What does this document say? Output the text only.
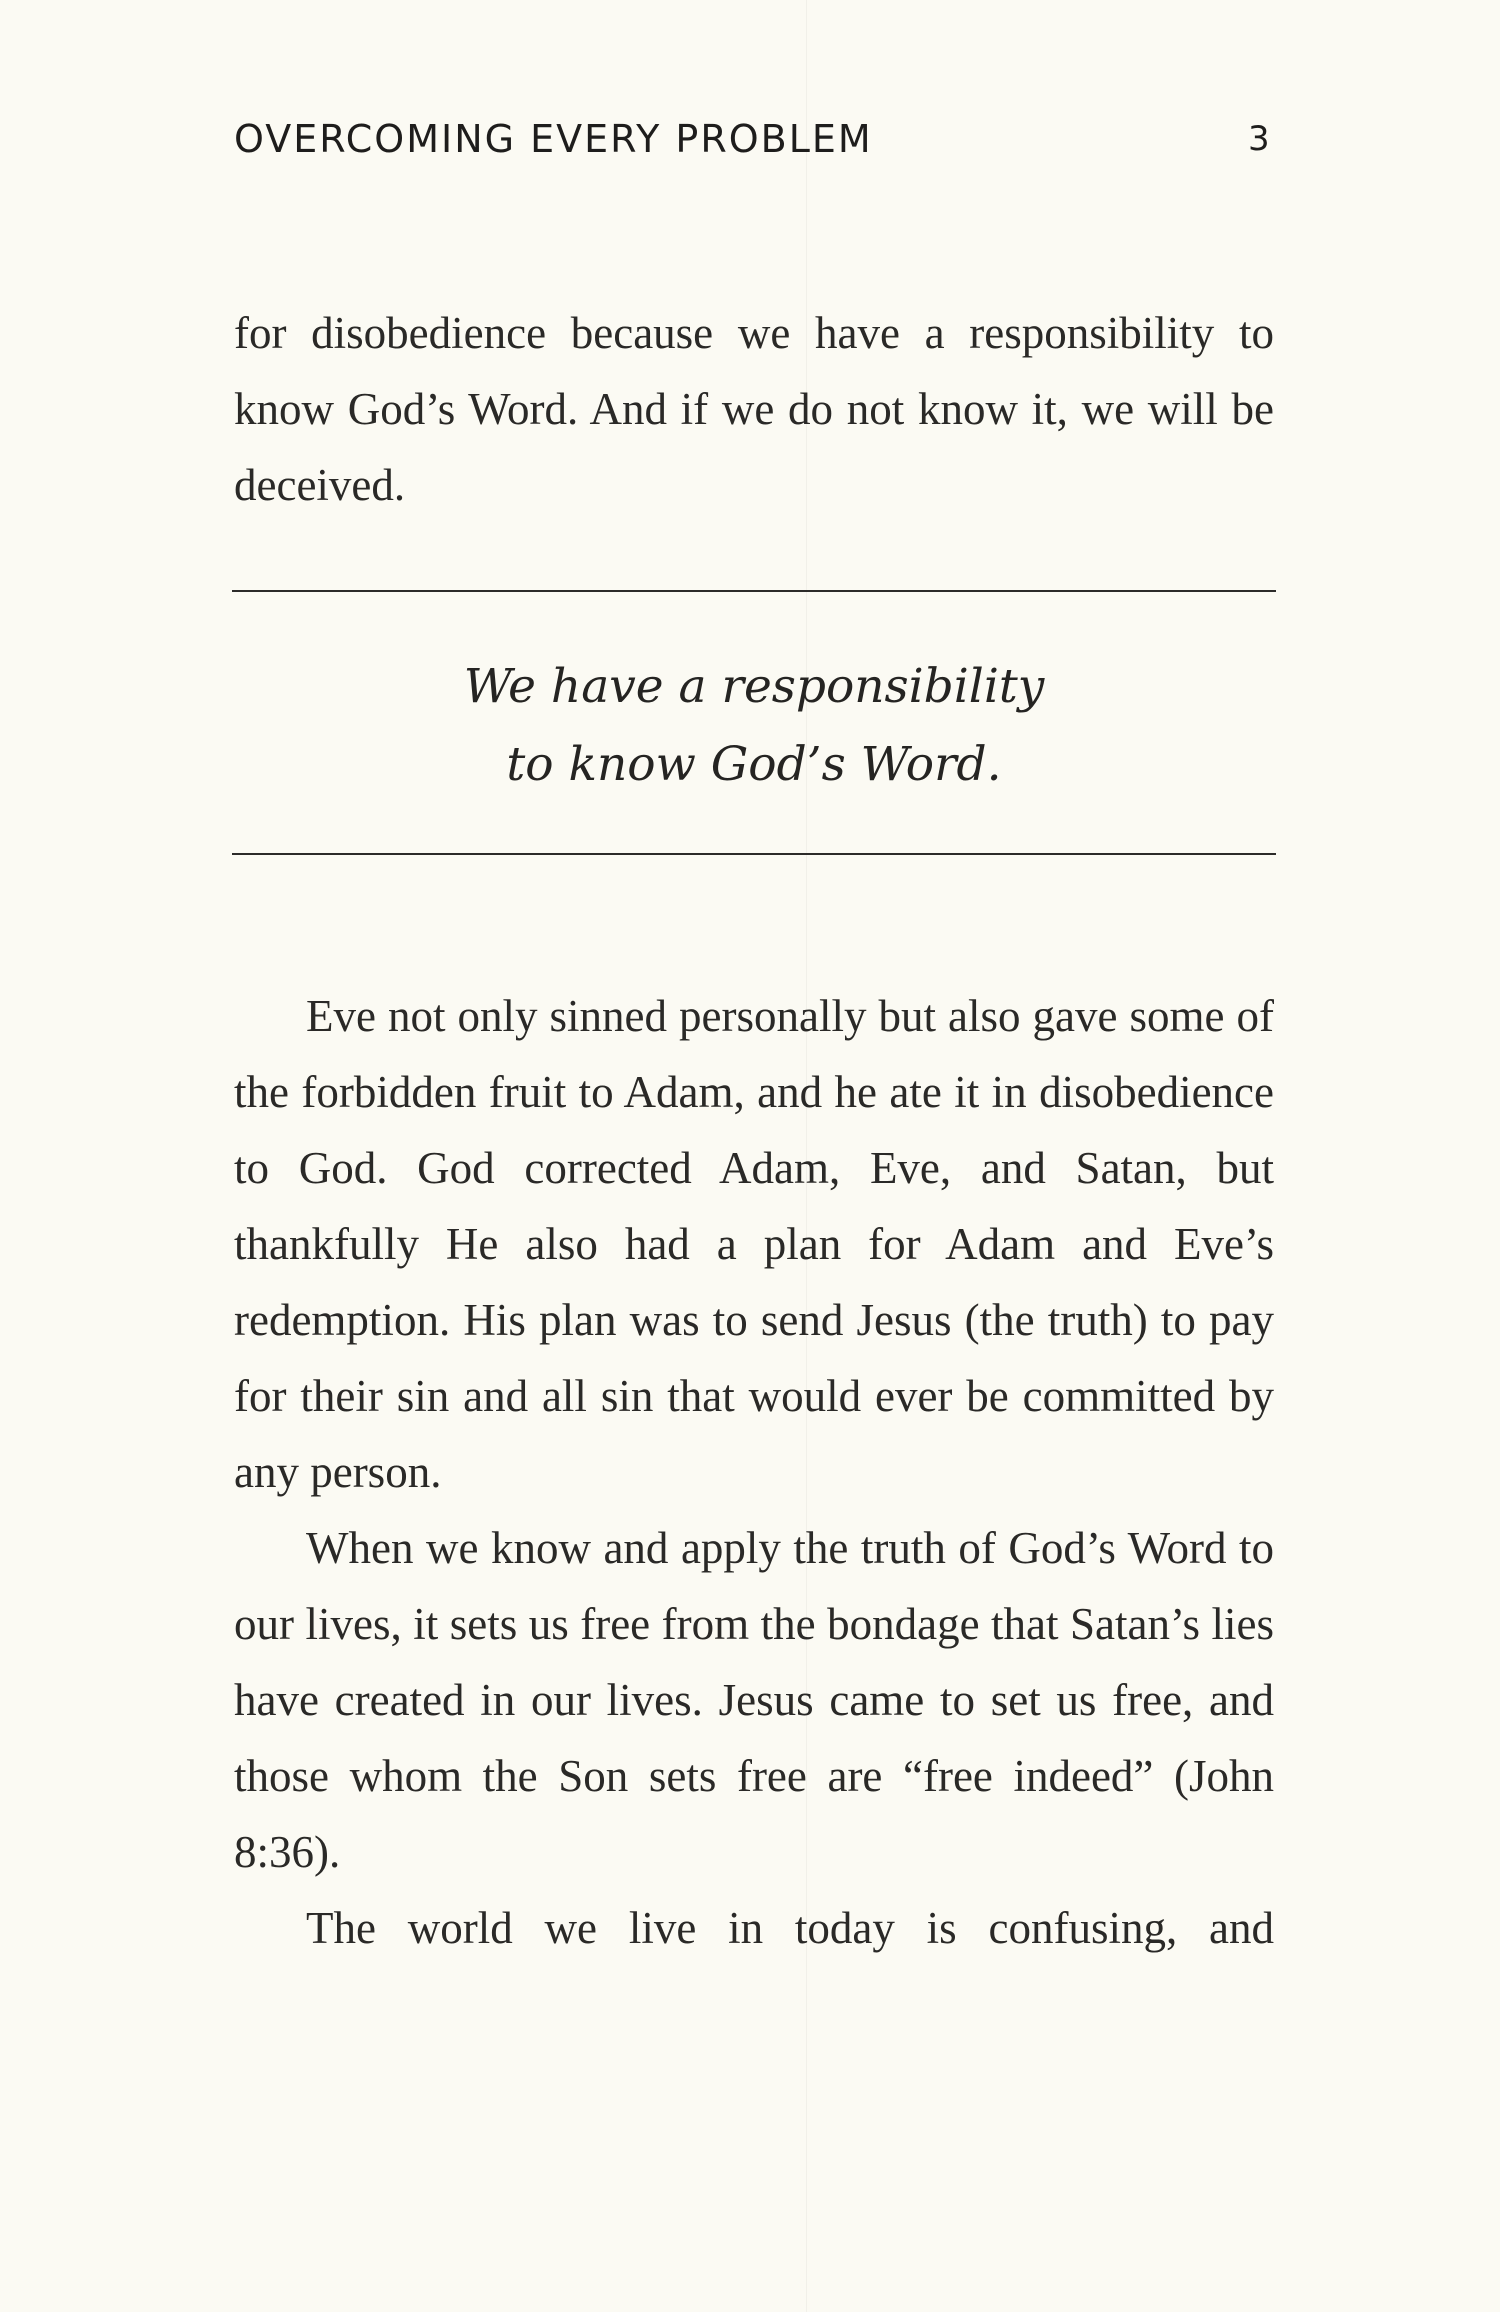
OVERCOMING EVERY PROBLEM	3
for disobedience because we have a responsibility to know God’s Word. And if we do not know it, we will be deceived.
We have a responsibility
to know God’s Word.

Eve not only sinned personally but also gave some of the forbidden fruit to Adam, and he ate it in disobedience to God. God corrected Adam, Eve, and Satan, but thankfully He also had a plan for Adam and Eve’s redemption. His plan was to send Jesus (the truth) to pay for their sin and all sin that would ever be committed by any person.

When we know and apply the truth of God’s Word to our lives, it sets us free from the bondage that Satan’s lies have created in our lives. Jesus came to set us free, and those whom the Son sets free are “free indeed” (John 8:36).

The world we live in today is confusing, and
